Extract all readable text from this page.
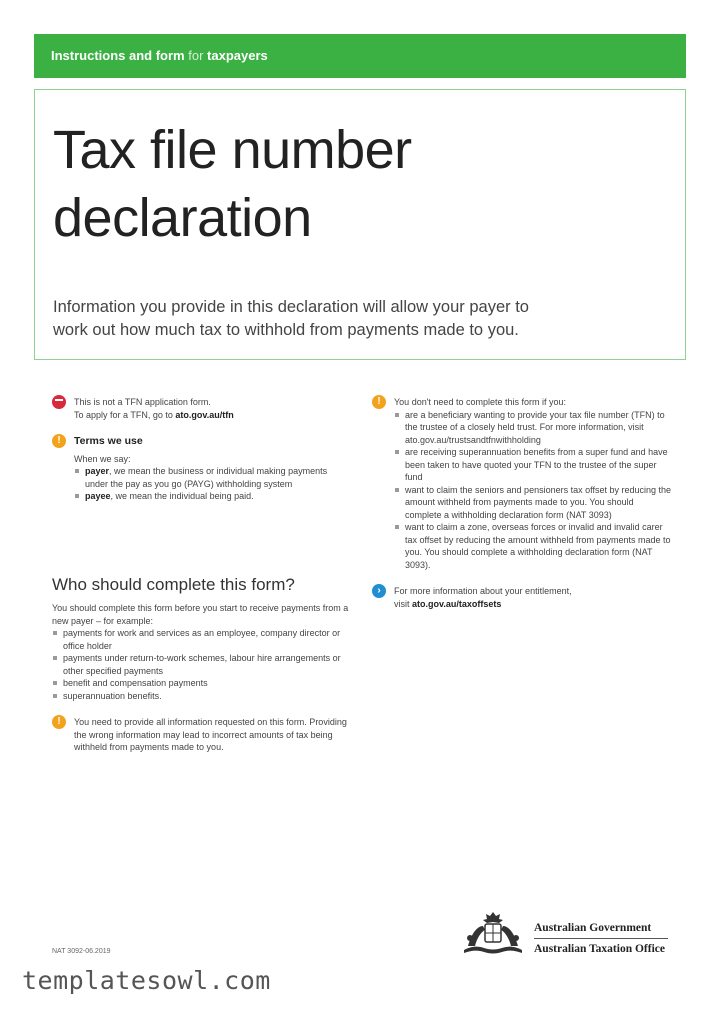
Instructions and form for taxpayers
Tax file number
declaration
Information you provide in this declaration will allow your payer to
work out how much tax to withhold from payments made to you.
This is not a TFN application form.
To apply for a TFN, go to ato.gov.au/tfn
!	Terms we use
When we say:
payer, we mean the business or individual making payments under the pay as you go (PAYG) withholding system
payee, we mean the individual being paid.
Who should complete this form?
You should complete this form before you start to receive payments from a new payer – for example:
payments for work and services as an employee, company director or office holder
payments under return-to-work schemes, labour hire arrangements or other specified payments
benefit and compensation payments
superannuation benefits.
!	You need to provide all information requested on this form. Providing the wrong information may lead to incorrect amounts of tax being withheld from payments made to you.
!	You don't need to complete this form if you:
are a beneficiary wanting to provide your tax file number (TFN) to the trustee of a closely held trust. For more information, visit ato.gov.au/trustsandtfnwithholding
are receiving superannuation benefits from a super fund and have been taken to have quoted your TFN to the trustee of the super fund
want to claim the seniors and pensioners tax offset by reducing the amount withheld from payments made to you. You should complete a withholding declaration form (NAT 3093)
want to claim a zone, overseas forces or invalid and invalid carer tax offset by reducing the amount withheld from payments made to you. You should complete a withholding declaration form (NAT 3093).
›	For more information about your entitlement,
visit ato.gov.au/taxoffsets
NAT 3092-06.2019
Australian Government
Australian Taxation Office
templatesowl.com
